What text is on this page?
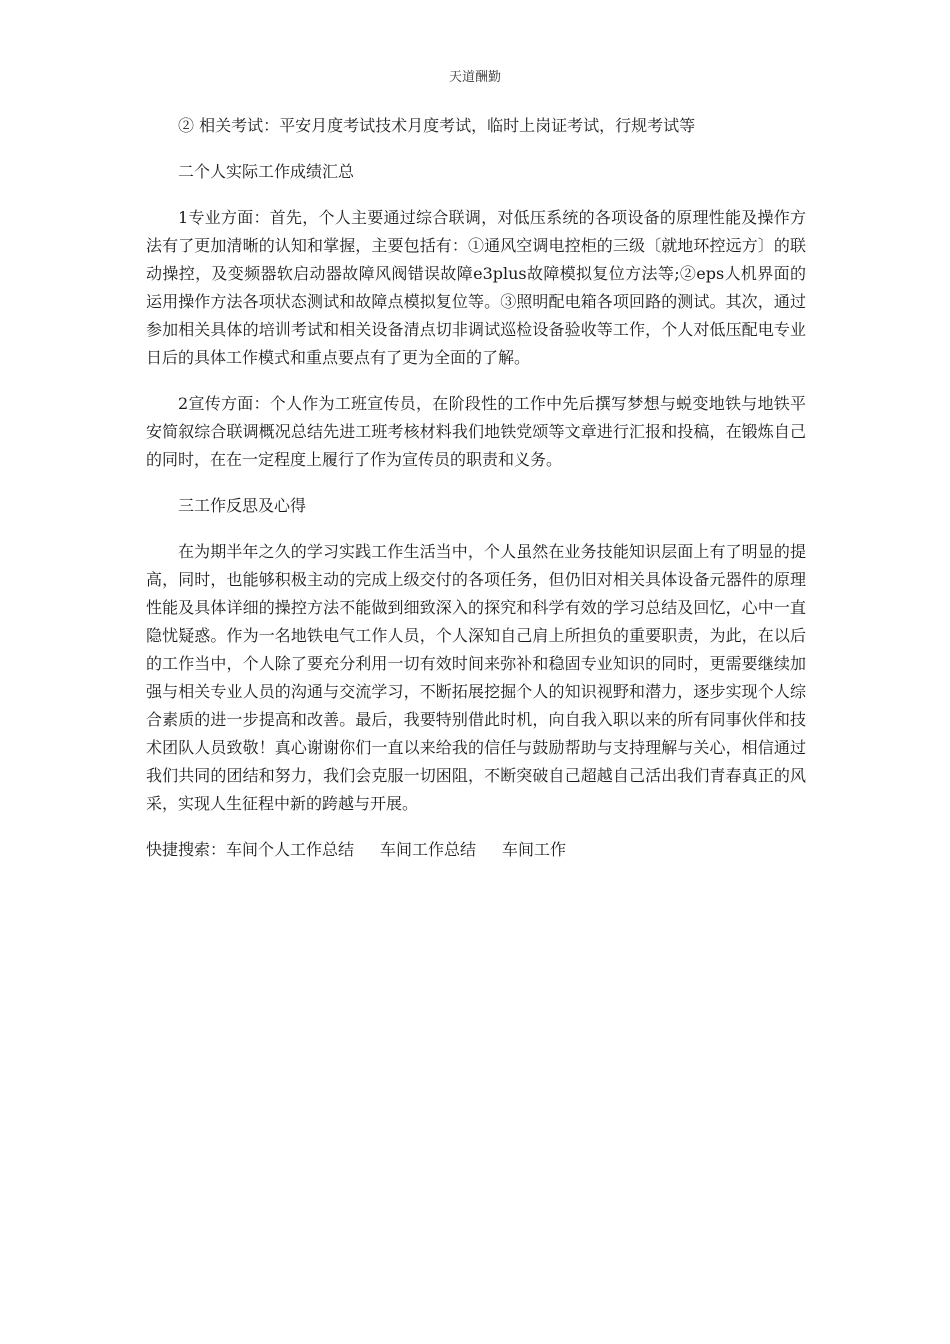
天道酬勤

② 相关考试：平安月度考试技术月度考试，临时上岗证考试，行规考试等

二个人实际工作成绩汇总

1专业方面：首先，个人主要通过综合联调，对低压系统的各项设备的原理性能及操作方法有了更加清晰的认知和掌握，主要包括有：①通风空调电控柜的三级〔就地环控远方〕的联动操控，及变频器软启动器故障风阀错误故障e3plus故障模拟复位方法等;②eps人机界面的运用操作方法各项状态测试和故障点模拟复位等。③照明配电箱各项回路的测试。其次，通过参加相关具体的培训考试和相关设备清点切非调试巡检设备验收等工作，个人对低压配电专业日后的具体工作模式和重点要点有了更为全面的了解。

2宣传方面：个人作为工班宣传员，在阶段性的工作中先后撰写梦想与蜕变地铁与地铁平安简叙综合联调概况总结先进工班考核材料我们地铁党颂等文章进行汇报和投稿，在锻炼自己的同时，在在一定程度上履行了作为宣传员的职责和义务。

三工作反思及心得

在为期半年之久的学习实践工作生活当中，个人虽然在业务技能知识层面上有了明显的提高，同时，也能够积极主动的完成上级交付的各项任务，但仍旧对相关具体设备元器件的原理性能及具体详细的操控方法不能做到细致深入的探究和科学有效的学习总结及回忆，心中一直隐忧疑惑。作为一名地铁电气工作人员，个人深知自己肩上所担负的重要职责，为此，在以后的工作当中，个人除了要充分利用一切有效时间来弥补和稳固专业知识的同时，更需要继续加强与相关专业人员的沟通与交流学习，不断拓展挖掘个人的知识视野和潜力，逐步实现个人综合素质的进一步提高和改善。最后，我要特别借此时机，向自我入职以来的所有同事伙伴和技术团队人员致敬！真心谢谢你们一直以来给我的信任与鼓励帮助与支持理解与关心，相信通过我们共同的团结和努力，我们会克服一切困阻，不断突破自己超越自己活出我们青春真正的风采，实现人生征程中新的跨越与开展。

快捷搜索：车间个人工作总结 车间工作总结 车间工作
